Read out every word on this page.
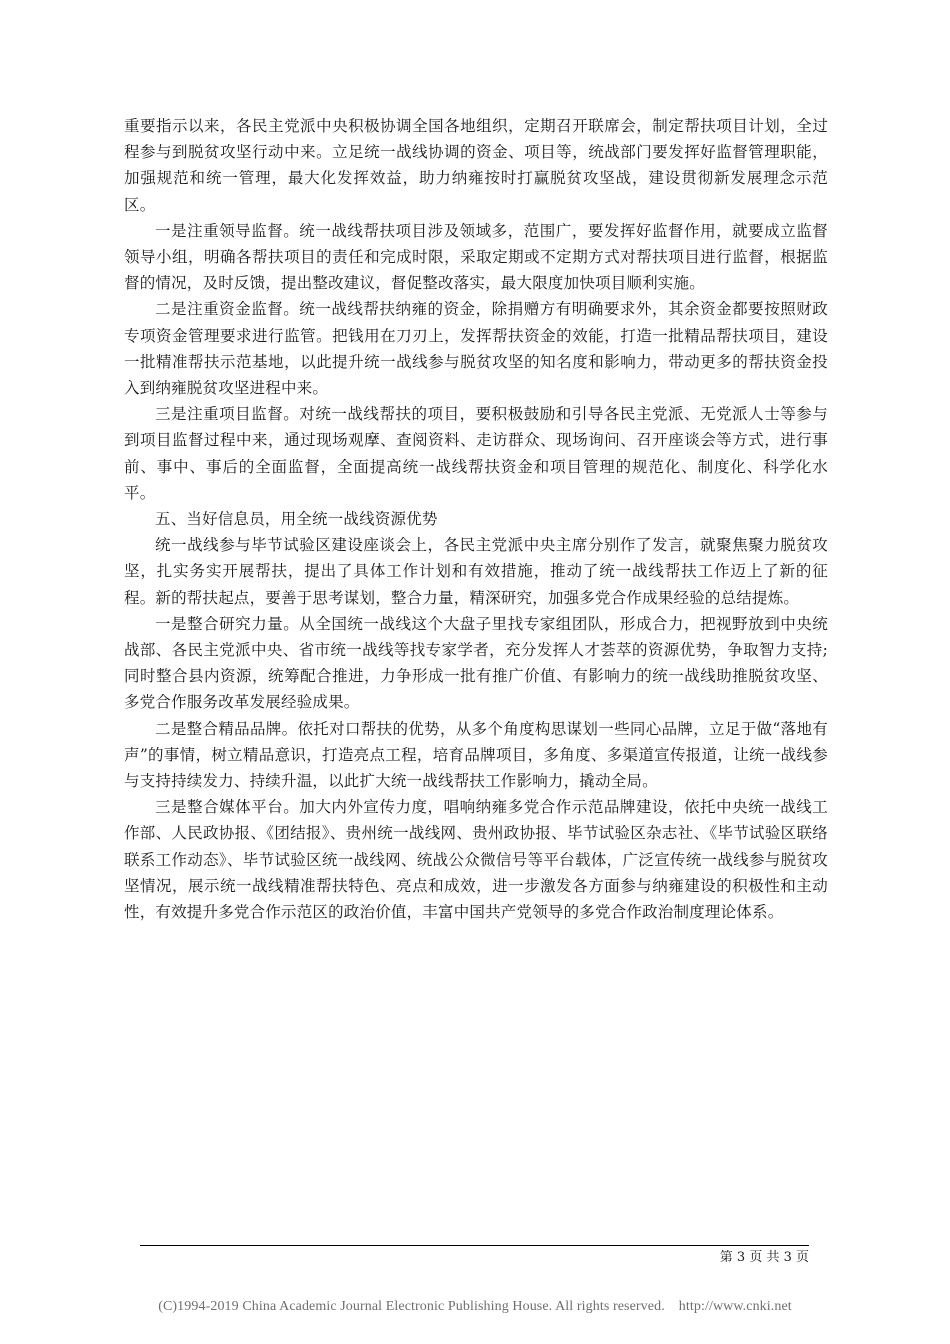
重要指示以来，各民主党派中央积极协调全国各地组织，定期召开联席会，制定帮扶项目计划，全过程参与到脱贫攻坚行动中来。立足统一战线协调的资金、项目等，统战部门要发挥好监督管理职能，加强规范和统一管理，最大化发挥效益，助力纳雍按时打赢脱贫攻坚战，建设贯彻新发展理念示范区。

一是注重领导监督。统一战线帮扶项目涉及领域多，范围广，要发挥好监督作用，就要成立监督领导小组，明确各帮扶项目的责任和完成时限，采取定期或不定期方式对帮扶项目进行监督，根据监督的情况，及时反馈，提出整改建议，督促整改落实，最大限度加快项目顺利实施。

二是注重资金监督。统一战线帮扶纳雍的资金，除捐赠方有明确要求外，其余资金都要按照财政专项资金管理要求进行监管。把钱用在刀刃上，发挥帮扶资金的效能，打造一批精品帮扶项目，建设一批精准帮扶示范基地，以此提升统一战线参与脱贫攻坚的知名度和影响力，带动更多的帮扶资金投入到纳雍脱贫攻坚进程中来。

三是注重项目监督。对统一战线帮扶的项目，要积极鼓励和引导各民主党派、无党派人士等参与到项目监督过程中来，通过现场观摩、查阅资料、走访群众、现场询问、召开座谈会等方式，进行事前、事中、事后的全面监督，全面提高统一战线帮扶资金和项目管理的规范化、制度化、科学化水平。

五、当好信息员，用全统一战线资源优势

统一战线参与毕节试验区建设座谈会上，各民主党派中央主席分别作了发言，就聚焦聚力脱贫攻坚，扎实务实开展帮扶，提出了具体工作计划和有效措施，推动了统一战线帮扶工作迈上了新的征程。新的帮扶起点，要善于思考谋划，整合力量，精深研究，加强多党合作成果经验的总结提炼。

一是整合研究力量。从全国统一战线这个大盘子里找专家组团队，形成合力，把视野放到中央统战部、各民主党派中央、省市统一战线等找专家学者，充分发挥人才荟萃的资源优势，争取智力支持;同时整合县内资源，统筹配合推进，力争形成一批有推广价值、有影响力的统一战线助推脱贫攻坚、多党合作服务改革发展经验成果。

二是整合精品品牌。依托对口帮扶的优势，从多个角度构思谋划一些同心品牌，立足于做“落地有声”的事情，树立精品意识，打造亮点工程，培育品牌项目，多角度、多渠道宣传报道，让统一战线参与支持持续发力、持续升温，以此扩大统一战线帮扶工作影响力，撬动全局。

三是整合媒体平台。加大内外宣传力度，唱响纳雍多党合作示范品牌建设，依托中央统一战线工作部、人民政协报、《团结报》、贵州统一战线网、贵州政协报、毕节试验区杂志社、《毕节试验区联络联系工作动态》、毕节试验区统一战线网、统战公众微信号等平台载体，广泛宣传统一战线参与脱贫攻坚情况，展示统一战线精准帮扶特色、亮点和成效，进一步激发各方面参与纳雍建设的积极性和主动性，有效提升多党合作示范区的政治价值，丰富中国共产党领导的多党合作政治制度理论体系。

第 3 页 共 3 页
(C)1994-2019 China Academic Journal Electronic Publishing House. All rights reserved. http://www.cnki.net
